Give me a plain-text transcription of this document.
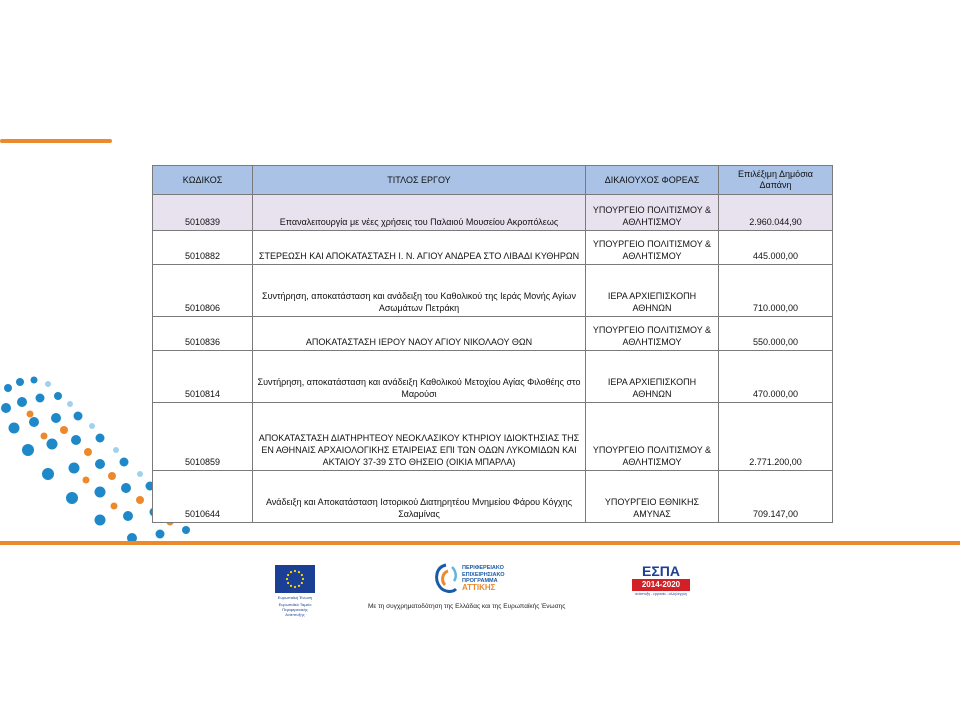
ΚΩΔΙΚΟΣ	ΤΙΤΛΟΣ ΕΡΓΟΥ	ΔΙΚΑΙΟΥΧΟΣ ΦΟΡΕΑΣ	Επιλέξιμη Δημόσια Δαπάνη
5010839	Επαναλειτουργία με νέες χρήσεις του Παλαιού Μουσείου Ακροπόλεως	ΥΠΟΥΡΓΕΙΟ ΠΟΛΙΤΙΣΜΟΥ & ΑΘΛΗΤΙΣΜΟΥ	2.960.044,90
5010882	ΣΤΕΡΕΩΣΗ ΚΑΙ ΑΠΟΚΑΤΑΣΤΑΣΗ Ι. Ν. ΑΓΙΟΥ ΑΝΔΡΕΑ ΣΤΟ ΛΙΒΑΔΙ ΚΥΘΗΡΩΝ	ΥΠΟΥΡΓΕΙΟ ΠΟΛΙΤΙΣΜΟΥ & ΑΘΛΗΤΙΣΜΟΥ	445.000,00
5010806	Συντήρηση, αποκατάσταση και ανάδειξη του Καθολικού της Ιεράς Μονής Αγίων Ασωμάτων Πετράκη	ΙΕΡΑ ΑΡΧΙΕΠΙΣΚΟΠΗ ΑΘΗΝΩΝ	710.000,00
5010836	ΑΠΟΚΑΤΑΣΤΑΣΗ ΙΕΡΟΥ ΝΑΟΥ ΑΓΙΟΥ ΝΙΚΟΛΑΟΥ ΘΩΝ	ΥΠΟΥΡΓΕΙΟ ΠΟΛΙΤΙΣΜΟΥ & ΑΘΛΗΤΙΣΜΟΥ	550.000,00
5010814	Συντήρηση, αποκατάσταση και ανάδειξη Καθολικού Μετοχίου Αγίας Φιλοθέης στο Μαρούσι	ΙΕΡΑ ΑΡΧΙΕΠΙΣΚΟΠΗ ΑΘΗΝΩΝ	470.000,00
5010859	ΑΠΟΚΑΤΑΣΤΑΣΗ ΔΙΑΤΗΡΗΤΕΟΥ ΝΕΟΚΛΑΣΙΚΟΥ ΚΤΗΡΙΟΥ ΙΔΙΟΚΤΗΣΙΑΣ ΤΗΣ ΕΝ ΑΘΗΝΑΙΣ ΑΡΧΑΙΟΛΟΓΙΚΗΣ ΕΤΑΙΡΕΙΑΣ ΕΠΙ ΤΩΝ ΟΔΩΝ ΛΥΚΟΜΙΔΩΝ ΚΑΙ ΑΚΤΑΙΟΥ 37-39 ΣΤΟ ΘΗΣΕΙΟ (ΟΙΚΙΑ ΜΠΑΡΛΑ)	ΥΠΟΥΡΓΕΙΟ ΠΟΛΙΤΙΣΜΟΥ & ΑΘΛΗΤΙΣΜΟΥ	2.771.200,00
5010644	Ανάδειξη και Αποκατάσταση Ιστορικού Διατηρητέου Μνημείου Φάρου Κόγχης Σαλαμίνας	ΥΠΟΥΡΓΕΙΟ ΕΘΝΙΚΗΣ ΑΜΥΝΑΣ	709.147,00
Ευρωπαϊκή Ένωση
Ευρωπαϊκό Ταμείο Περιφερειακής Ανάπτυξης
ΠΕΡΙΦΕΡΕΙΑΚΟ
ΕΠΙΧΕΙΡΗΣΙΑΚΟ
ΠΡΟΓΡΑΜΜΑ
ΑΤΤΙΚΗΣ
ΕΣΠΑ
2014-2020
ανάπτυξη - εργασία - αλληλεγγύη
Με τη συγχρηματοδότηση της Ελλάδας και της Ευρωπαϊκής Ένωσης
